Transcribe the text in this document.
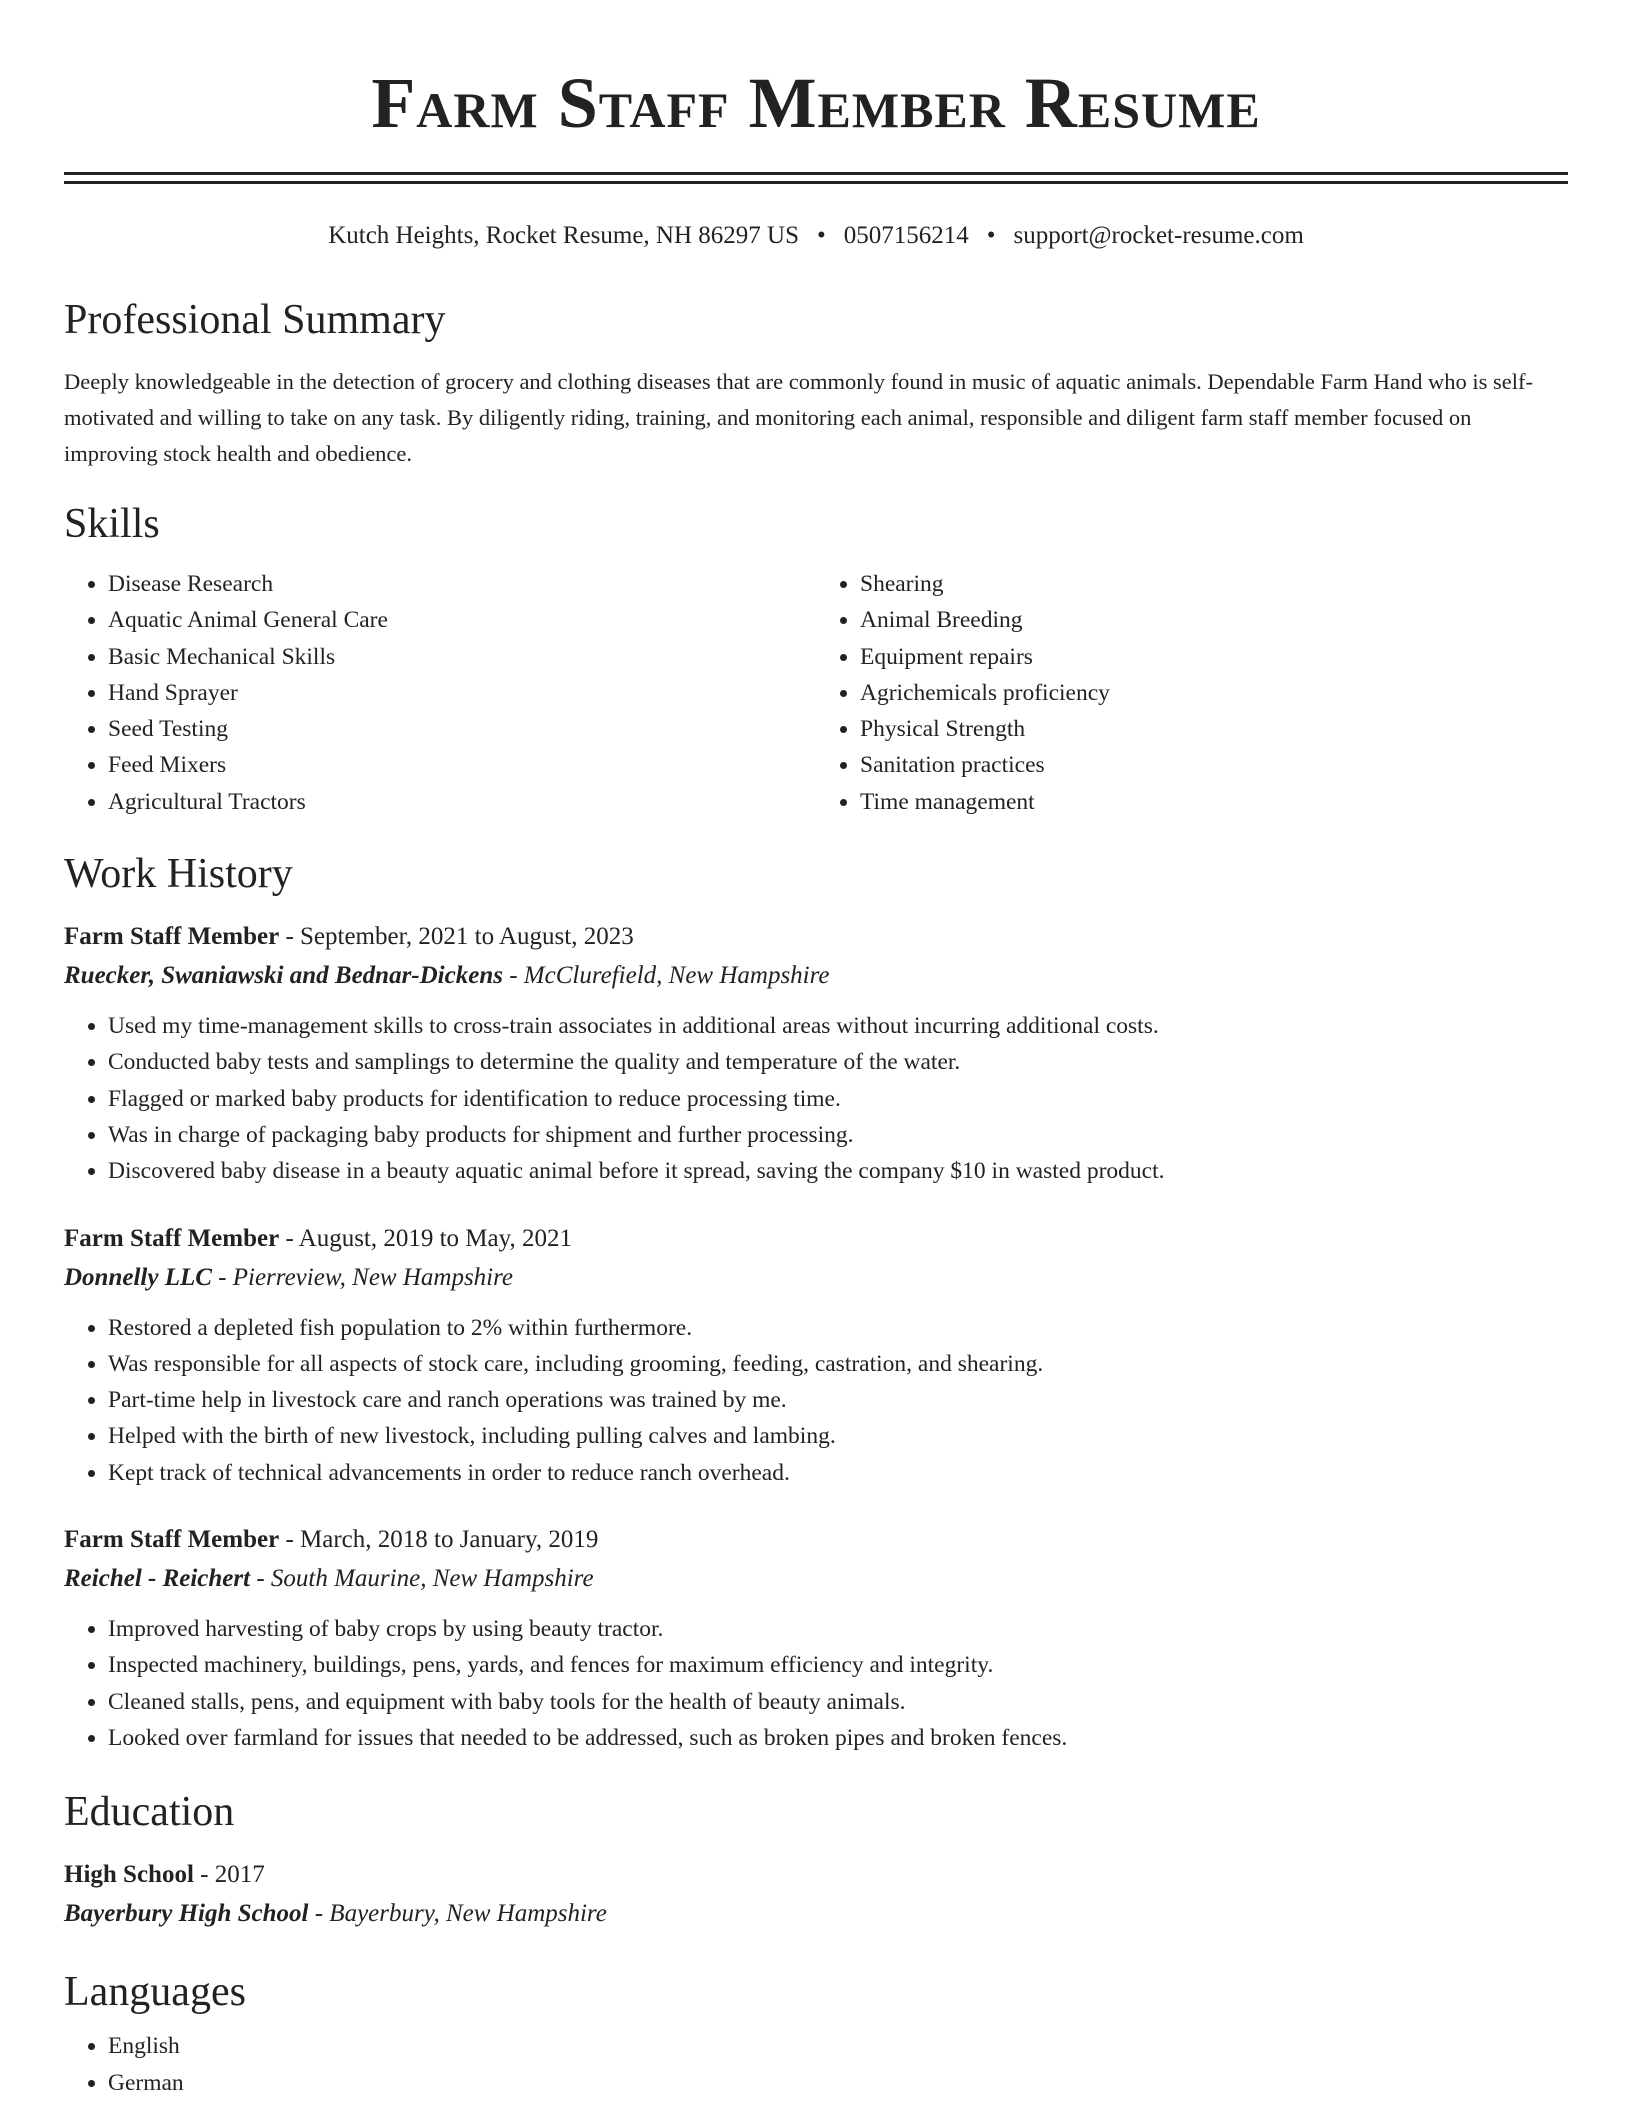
Farm Staff Member Resume
Kutch Heights, Rocket Resume, NH 86297 US • 0507156214 • support@rocket-resume.com
Professional Summary

Deeply knowledgeable in the detection of grocery and clothing diseases that are commonly found in music of aquatic animals. Dependable Farm Hand who is self-motivated and willing to take on any task. By diligently riding, training, and monitoring each animal, responsible and diligent farm staff member focused on improving stock health and obedience.

Skills
• Disease Research
• Aquatic Animal General Care
• Basic Mechanical Skills
• Hand Sprayer
• Seed Testing
• Feed Mixers
• Agricultural Tractors
• Shearing
• Animal Breeding
• Equipment repairs
• Agrichemicals proficiency
• Physical Strength
• Sanitation practices
• Time management
Work History
Farm Staff Member - September, 2021 to August, 2023
Ruecker, Swaniawski and Bednar-Dickens - McClurefield, New Hampshire
• Used my time-management skills to cross-train associates in additional areas without incurring additional costs.
• Conducted baby tests and samplings to determine the quality and temperature of the water.
• Flagged or marked baby products for identification to reduce processing time.
• Was in charge of packaging baby products for shipment and further processing.
• Discovered baby disease in a beauty aquatic animal before it spread, saving the company $10 in wasted product.
Farm Staff Member - August, 2019 to May, 2021
Donnelly LLC - Pierreview, New Hampshire
• Restored a depleted fish population to 2% within furthermore.
• Was responsible for all aspects of stock care, including grooming, feeding, castration, and shearing.
• Part-time help in livestock care and ranch operations was trained by me.
• Helped with the birth of new livestock, including pulling calves and lambing.
• Kept track of technical advancements in order to reduce ranch overhead.
Farm Staff Member - March, 2018 to January, 2019
Reichel - Reichert - South Maurine, New Hampshire
• Improved harvesting of baby crops by using beauty tractor.
• Inspected machinery, buildings, pens, yards, and fences for maximum efficiency and integrity.
• Cleaned stalls, pens, and equipment with baby tools for the health of beauty animals.
• Looked over farmland for issues that needed to be addressed, such as broken pipes and broken fences.
Education
High School - 2017
Bayerbury High School - Bayerbury, New Hampshire
Languages
• English
• German
